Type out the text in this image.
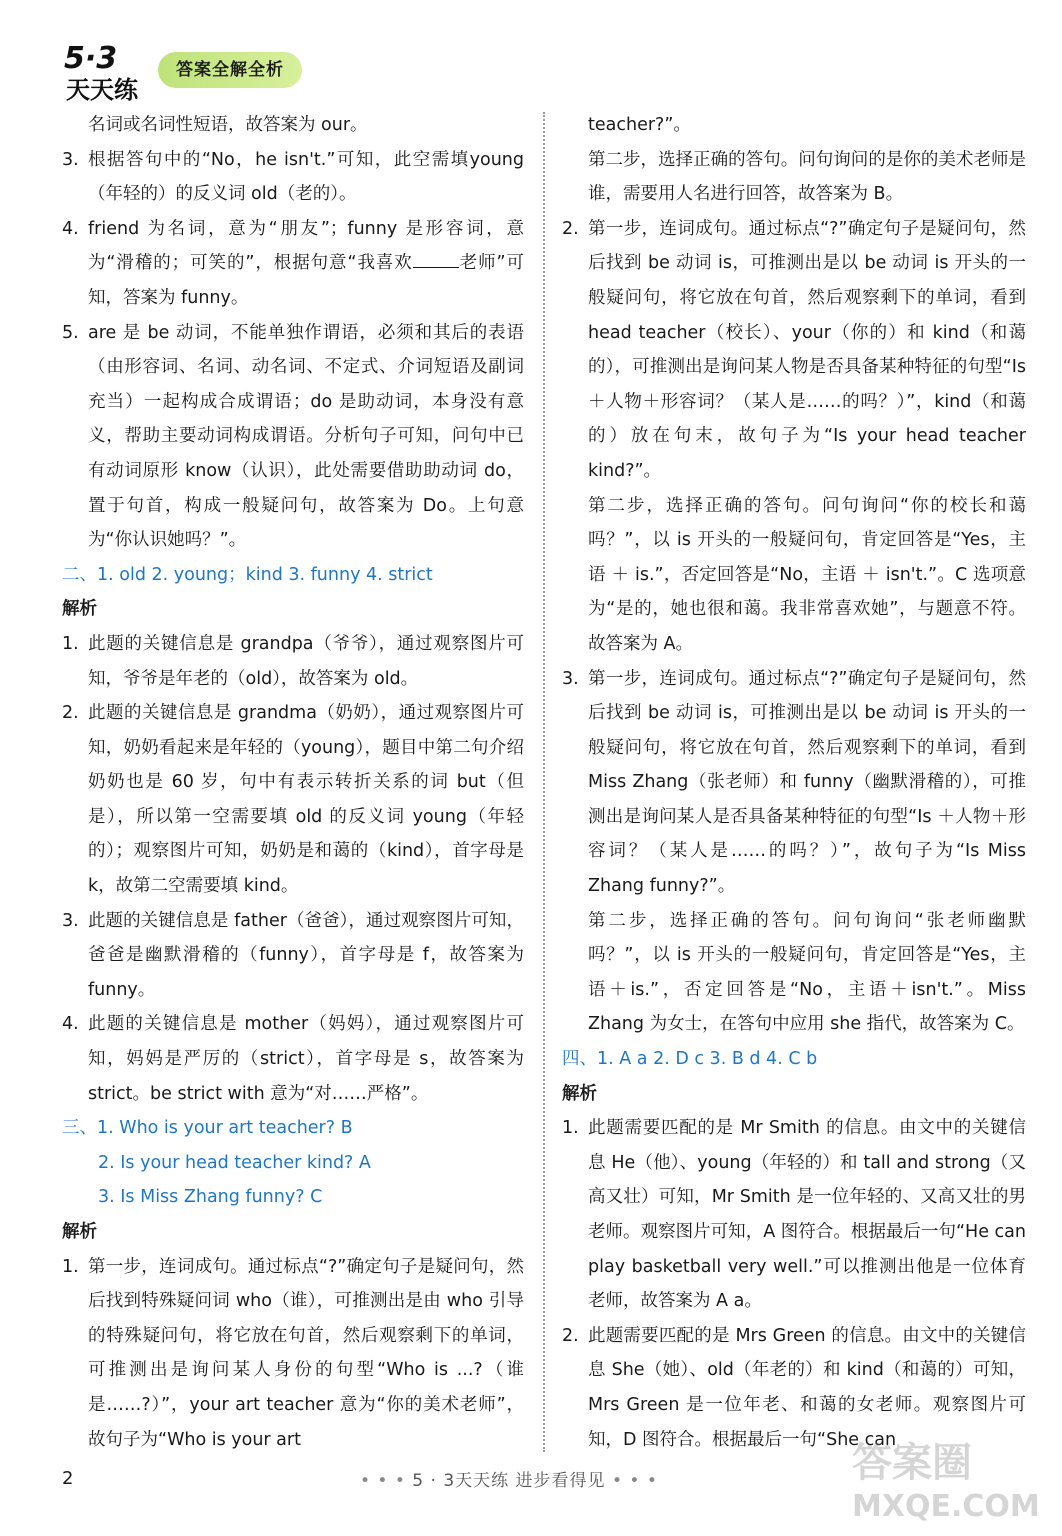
5·3
天天练
答案全解全析

名词或名词性短语，故答案为 our。

3. 根据答句中的“No，he isn't.”可知，此空需填young（年轻的）的反义词 old（老的）。
4. friend 为名词，意为“朋友”；funny 是形容词，意为“滑稽的；可笑的”，根据句意“我喜欢	老师”可知，答案为 funny。
5. are 是 be 动词，不能单独作谓语，必须和其后的表语（由形容词、名词、动名词、不定式、介词短语及副词充当）一起构成合成谓语；do 是助动词，本身没有意义，帮助主要动词构成谓语。分析句子可知，问句中已有动词原形 know（认识），此处需要借助助动词 do，置于句首，构成一般疑问句，故答案为 Do。上句意为“你认识她吗？”。

二、1. old 2. young；kind 3. funny 4. strict

解析

1. 此题的关键信息是 grandpa（爷爷），通过观察图片可知，爷爷是年老的（old），故答案为 old。
2. 此题的关键信息是 grandma（奶奶），通过观察图片可知，奶奶看起来是年轻的（young），题目中第二句介绍奶奶也是 60 岁，句中有表示转折关系的词 but（但是），所以第一空需要填 old 的反义词 young（年轻的）；观察图片可知，奶奶是和蔼的（kind），首字母是 k，故第二空需要填 kind。
3. 此题的关键信息是 father（爸爸），通过观察图片可知，爸爸是幽默滑稽的（funny），首字母是 f，故答案为 funny。
4. 此题的关键信息是 mother（妈妈），通过观察图片可知，妈妈是严厉的（strict），首字母是 s，故答案为 strict。be strict with 意为“对……严格”。

三、1. Who is your art teacher? B

2. Is your head teacher kind? A

3. Is Miss Zhang funny? C

解析

1. 第一步，连词成句。通过标点“?”确定句子是疑问句，然后找到特殊疑问词 who（谁），可推测出是由 who 引导的特殊疑问句，将它放在句首，然后观察剩下的单词，可推测出是询问某人身份的句型“Who is ...?（谁是……?）”，your art teacher 意为“你的美术老师”，故句子为“Who is your art

teacher?”。

第二步，选择正确的答句。问句询问的是你的美术老师是谁，需要用人名进行回答，故答案为 B。

2. 第一步，连词成句。通过标点“?”确定句子是疑问句，然后找到 be 动词 is，可推测出是以 be 动词 is 开头的一般疑问句，将它放在句首，然后观察剩下的单词，看到 head teacher（校长）、your（你的）和 kind（和蔼的），可推测出是询问某人物是否具备某种特征的句型“Is＋人物＋形容词？（某人是……的吗？）”，kind（和蔼的）放在句末，故句子为“Is your head teacher kind?”。

第二步，选择正确的答句。问句询问“你的校长和蔼吗？”，以 is 开头的一般疑问句，肯定回答是“Yes，主语 ＋ is.”，否定回答是“No，主语 ＋ isn't.”。C 选项意为“是的，她也很和蔼。我非常喜欢她”，与题意不符。故答案为 A。

3. 第一步，连词成句。通过标点“?”确定句子是疑问句，然后找到 be 动词 is，可推测出是以 be 动词 is 开头的一般疑问句，将它放在句首，然后观察剩下的单词，看到 Miss Zhang（张老师）和 funny（幽默滑稽的），可推测出是询问某人是否具备某种特征的句型“Is ＋人物＋形容词？（某人是……的吗？）”，故句子为“Is Miss Zhang funny?”。

第二步，选择正确的答句。问句询问“张老师幽默吗？”，以 is 开头的一般疑问句，肯定回答是“Yes，主语＋is.”，否定回答是“No，主语＋isn't.”。Miss Zhang 为女士，在答句中应用 she 指代，故答案为 C。

四、1. A a 2. D c 3. B d 4. C b

解析

1. 此题需要匹配的是 Mr Smith 的信息。由文中的关键信息 He（他）、young（年轻的）和 tall and strong（又高又壮）可知，Mr Smith 是一位年轻的、又高又壮的男老师。观察图片可知，A 图符合。根据最后一句“He can play basketball very well.”可以推测出他是一位体育老师，故答案为 A a。
2. 此题需要匹配的是 Mrs Green 的信息。由文中的关键信息 She（她）、old（年老的）和 kind（和蔼的）可知，Mrs Green 是一位年老、和蔼的女老师。观察图片可知，D 图符合。根据最后一句“She can
2	• • • 5 · 3天天练 进步看得见 • • •	答案圈
MXQE.COM
